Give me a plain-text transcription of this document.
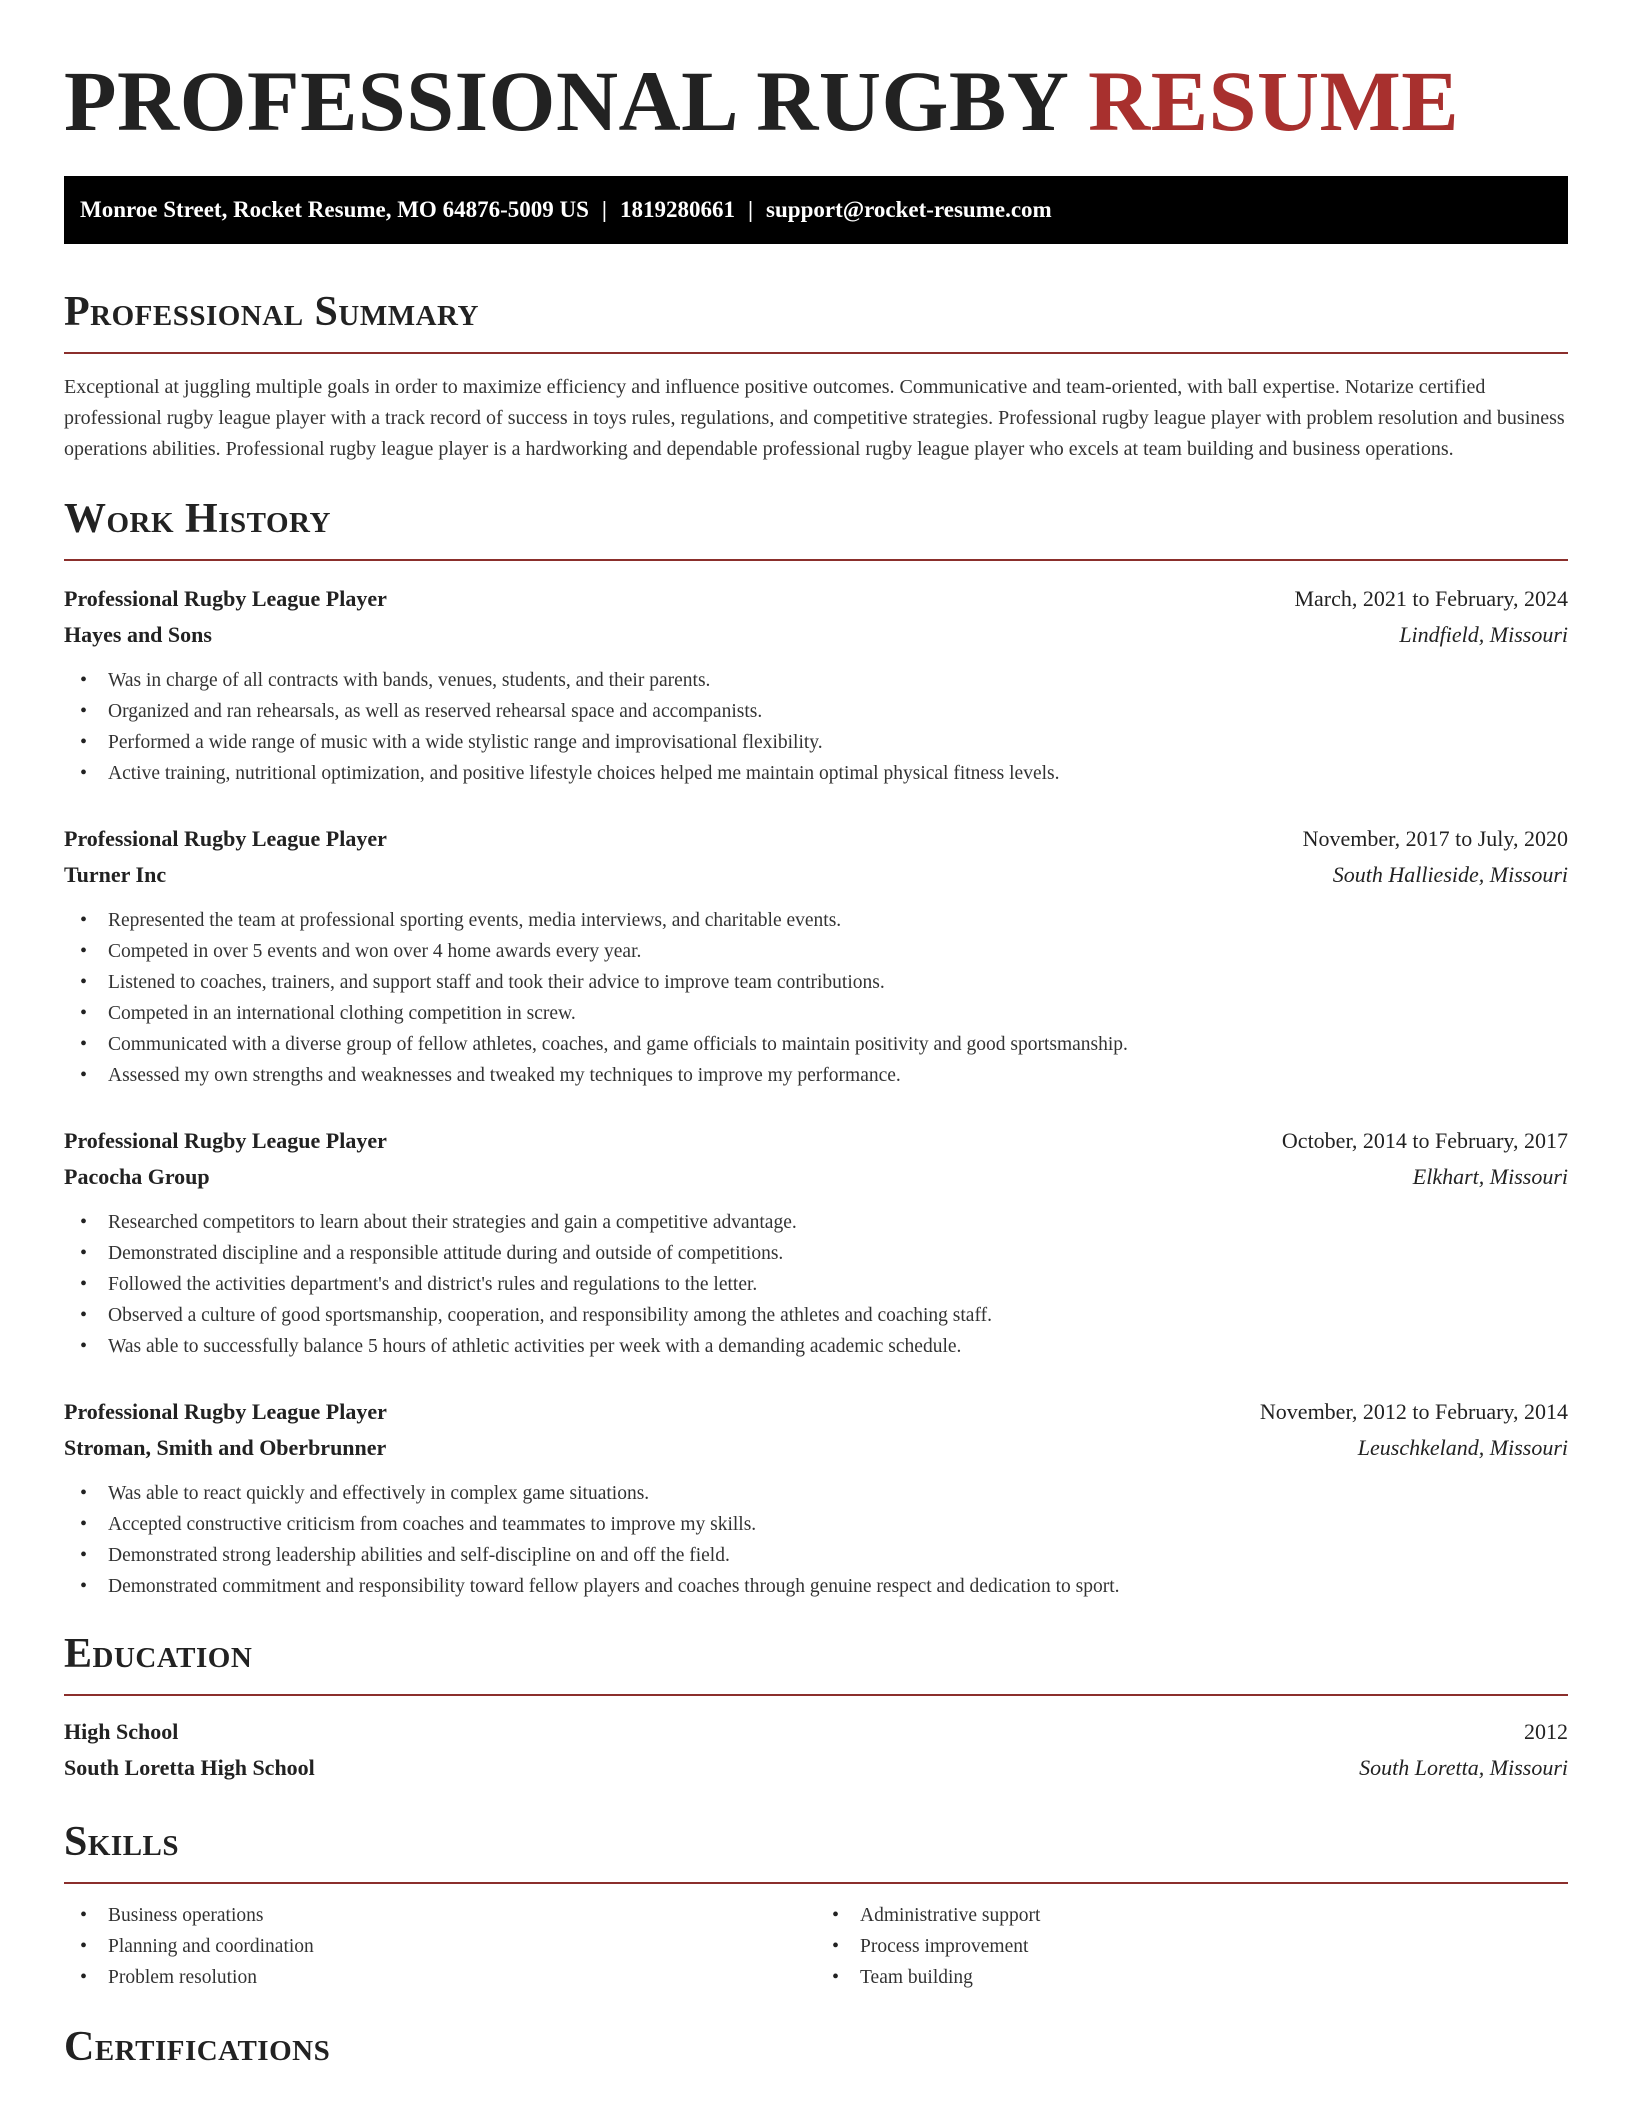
PROFESSIONAL RUGBY RESUME
Monroe Street, Rocket Resume, MO 64876-5009 US | 1819280661 | support@rocket-resume.com
Professional Summary

Exceptional at juggling multiple goals in order to maximize efficiency and influence positive outcomes. Communicative and team-oriented, with ball expertise. Notarize certified professional rugby league player with a track record of success in toys rules, regulations, and competitive strategies. Professional rugby league player with problem resolution and business operations abilities. Professional rugby league player is a hardworking and dependable professional rugby league player who excels at team building and business operations.

Work History
Professional Rugby League Player	March, 2021 to February, 2024
Hayes and Sons	Lindfield, Missouri
• Was in charge of all contracts with bands, venues, students, and their parents.
• Organized and ran rehearsals, as well as reserved rehearsal space and accompanists.
• Performed a wide range of music with a wide stylistic range and improvisational flexibility.
• Active training, nutritional optimization, and positive lifestyle choices helped me maintain optimal physical fitness levels.
Professional Rugby League Player	November, 2017 to July, 2020
Turner Inc	South Hallieside, Missouri
• Represented the team at professional sporting events, media interviews, and charitable events.
• Competed in over 5 events and won over 4 home awards every year.
• Listened to coaches, trainers, and support staff and took their advice to improve team contributions.
• Competed in an international clothing competition in screw.
• Communicated with a diverse group of fellow athletes, coaches, and game officials to maintain positivity and good sportsmanship.
• Assessed my own strengths and weaknesses and tweaked my techniques to improve my performance.
Professional Rugby League Player	October, 2014 to February, 2017
Pacocha Group	Elkhart, Missouri
• Researched competitors to learn about their strategies and gain a competitive advantage.
• Demonstrated discipline and a responsible attitude during and outside of competitions.
• Followed the activities department's and district's rules and regulations to the letter.
• Observed a culture of good sportsmanship, cooperation, and responsibility among the athletes and coaching staff.
• Was able to successfully balance 5 hours of athletic activities per week with a demanding academic schedule.
Professional Rugby League Player	November, 2012 to February, 2014
Stroman, Smith and Oberbrunner	Leuschkeland, Missouri
• Was able to react quickly and effectively in complex game situations.
• Accepted constructive criticism from coaches and teammates to improve my skills.
• Demonstrated strong leadership abilities and self-discipline on and off the field.
• Demonstrated commitment and responsibility toward fellow players and coaches through genuine respect and dedication to sport.
Education
High School	2012
South Loretta High School	South Loretta, Missouri
Skills
• Business operations
• Planning and coordination
• Problem resolution
• Administrative support
• Process improvement
• Team building
Certifications
